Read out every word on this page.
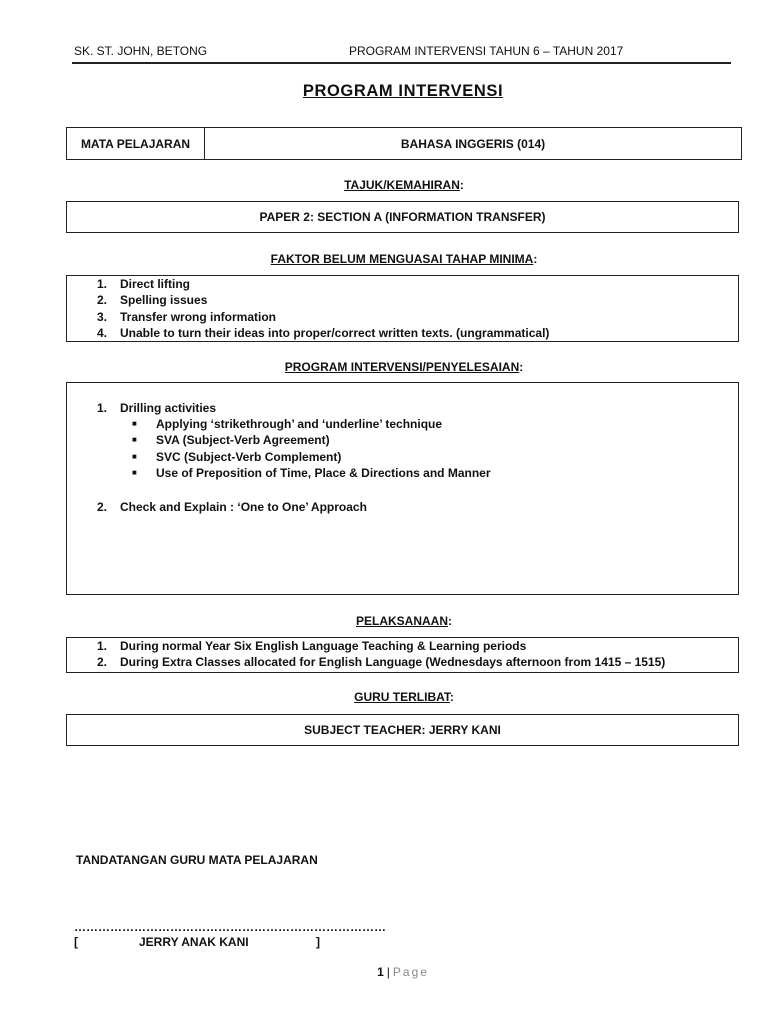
SK. ST. JOHN, BETONG	PROGRAM INTERVENSI TAHUN 6 – TAHUN 2017
PROGRAM INTERVENSI
MATA PELAJARAN	BAHASA INGGERIS (014)
TAJUK/KEMAHIRAN:
PAPER 2: SECTION A (INFORMATION TRANSFER)
FAKTOR BELUM MENGUASAI TAHAP MINIMA:
1. Direct lifting
2. Spelling issues
3. Transfer wrong information
4. Unable to turn their ideas into proper/correct written texts. (ungrammatical)
PROGRAM INTERVENSI/PENYELESAIAN:
1. Drilling activities
■ Applying ‘strikethrough’ and ‘underline’ technique
■ SVA (Subject-Verb Agreement)
■ SVC (Subject-Verb Complement)
■ Use of Preposition of Time, Place & Directions and Manner
2. Check and Explain : ‘One to One’ Approach
PELAKSANAAN:
1. During normal Year Six English Language Teaching & Learning periods
2. During Extra Classes allocated for English Language (Wednesdays afternoon from 1415 – 1515)
GURU TERLIBAT:
SUBJECT TEACHER: JERRY KANI
TANDATANGAN GURU MATA PELAJARAN
……………………………………………………………………
[	JERRY ANAK KANI	]
1 | Page
